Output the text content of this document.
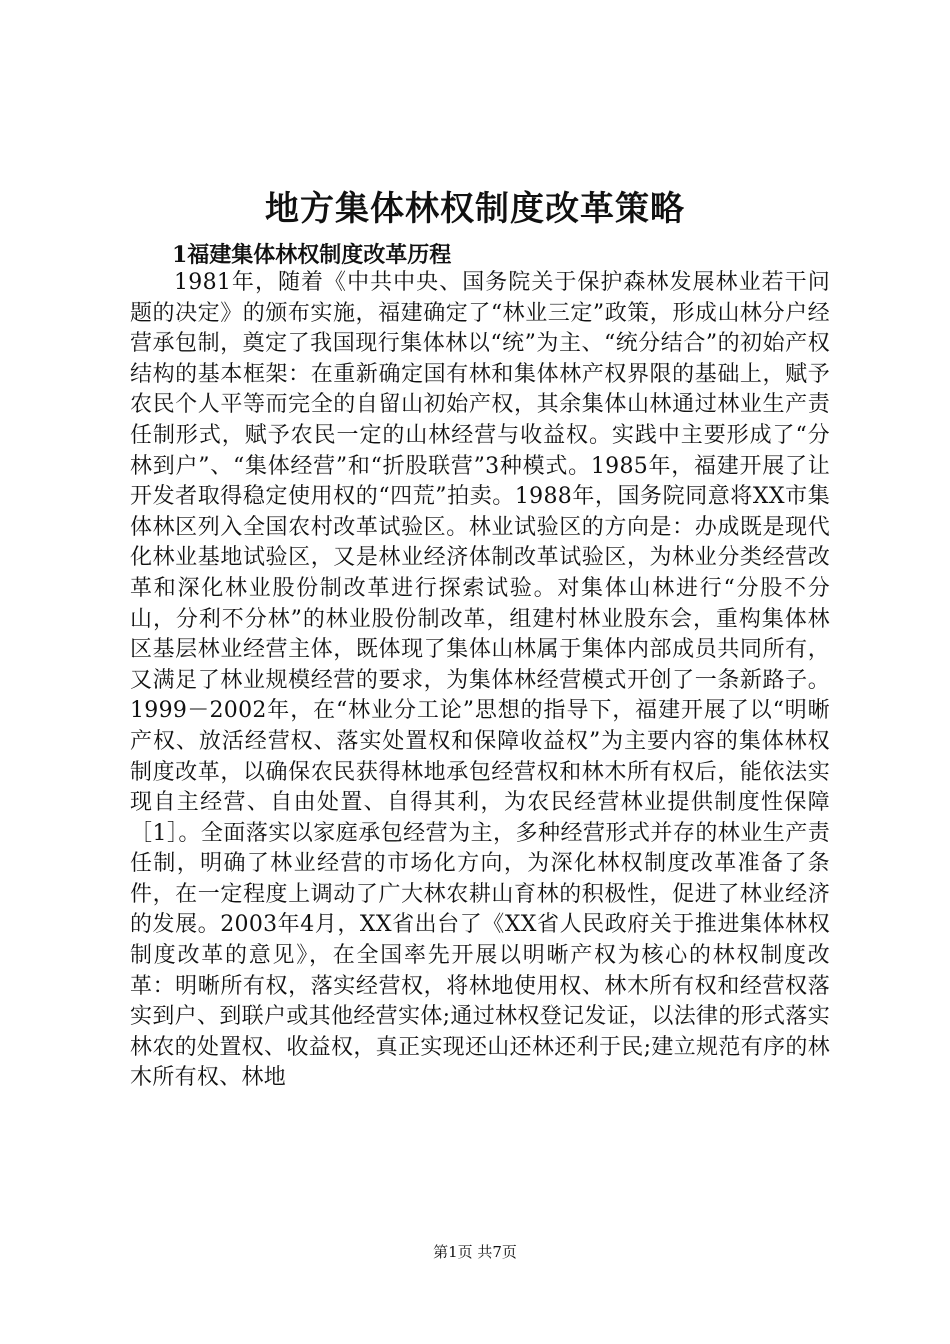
地方集体林权制度改革策略
1福建集体林权制度改革历程

1981年，随着《中共中央、国务院关于保护森林发展林业若干问题的决定》的颁布实施，福建确定了“林业三定”政策，形成山林分户经营承包制，奠定了我国现行集体林以“统”为主、“统分结合”的初始产权结构的基本框架：在重新确定国有林和集体林产权界限的基础上，赋予农民个人平等而完全的自留山初始产权，其余集体山林通过林业生产责任制形式，赋予农民一定的山林经营与收益权。实践中主要形成了“分林到户”、“集体经营”和“折股联营”3种模式。1985年，福建开展了让开发者取得稳定使用权的“四荒”拍卖。1988年，国务院同意将XX市集体林区列入全国农村改革试验区。林业试验区的方向是：办成既是现代化林业基地试验区，又是林业经济体制改革试验区，为林业分类经营改革和深化林业股份制改革进行探索试验。对集体山林进行“分股不分山，分利不分林”的林业股份制改革，组建村林业股东会，重构集体林区基层林业经营主体，既体现了集体山林属于集体内部成员共同所有，又满足了林业规模经营的要求，为集体林经营模式开创了一条新路子。1999－2002年，在“林业分工论”思想的指导下，福建开展了以“明晰产权、放活经营权、落实处置权和保障收益权”为主要内容的集体林权制度改革，以确保农民获得林地承包经营权和林木所有权后，能依法实现自主经营、自由处置、自得其利，为农民经营林业提供制度性保障［1］。全面落实以家庭承包经营为主，多种经营形式并存的林业生产责任制，明确了林业经营的市场化方向，为深化林权制度改革准备了条件，在一定程度上调动了广大林农耕山育林的积极性，促进了林业经济的发展。2003年4月，XX省出台了《XX省人民政府关于推进集体林权制度改革的意见》，在全国率先开展以明晰产权为核心的林权制度改革：明晰所有权，落实经营权，将林地使用权、林木所有权和经营权落实到户、到联户或其他经营实体;通过林权登记发证，以法律的形式落实林农的处置权、收益权，真正实现还山还林还利于民;建立规范有序的林木所有权、林地

第1页 共7页
